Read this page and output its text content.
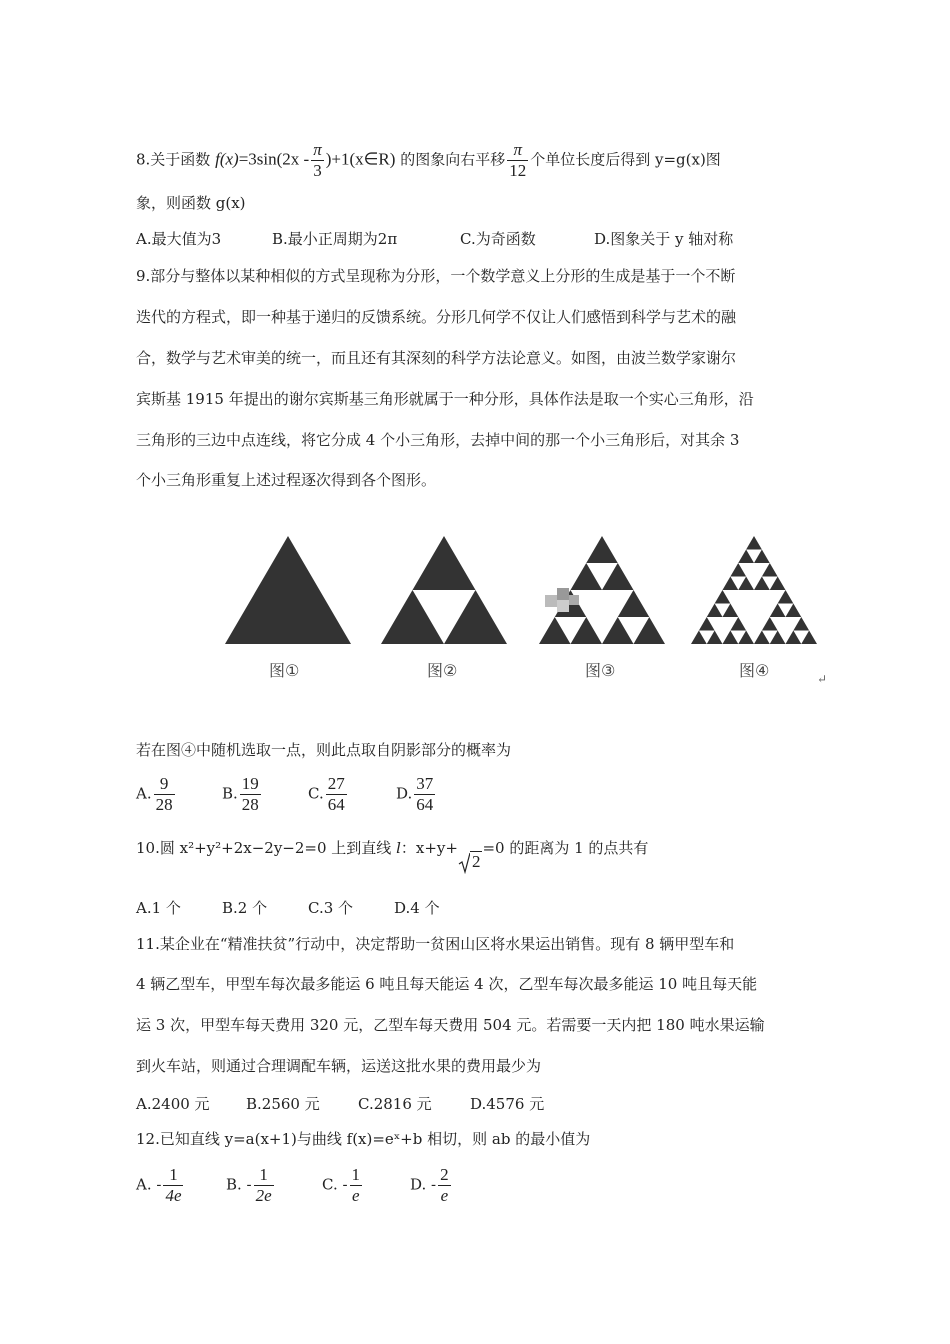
8.关于函数 $f(x)=3\sin(2x - \frac{\pi}{3}$ )+1(x∈R) 的图象向右平移 $\frac{\pi}{12}$ 个单位长度后得到 y=g(x)图
象，则函数 g(x)
A.最大值为3	B.最小正周期为2π	C.为奇函数	D.图象关于 y 轴对称
9.部分与整体以某种相似的方式呈现称为分形，一个数学意义上分形的生成是基于一个不断
迭代的方程式，即一种基于递归的反馈系统。分形几何学不仅让人们感悟到科学与艺术的融
合，数学与艺术审美的统一，而且还有其深刻的科学方法论意义。如图，由波兰数学家谢尔
宾斯基 1915 年提出的谢尔宾斯基三角形就属于一种分形，具体作法是取一个实心三角形，沿
三角形的三边中点连线，将它分成 4 个小三角形，去掉中间的那一个小三角形后，对其余 3
个小三角形重复上述过程逐次得到各个图形。
图①	图②	图③	图④	↵
若在图④中随机选取一点，则此点取自阴影部分的概率为
A. $\frac{9}{28}$	B. $\frac{19}{28}$	C. $\frac{27}{64}$	D. $\frac{37}{64}$
10.圆 x²+y²+2x−2y−2=0 上到直线 l：x+y+2=0 的距离为 1 的点共有
A.1 个	B.2 个	C.3 个	D.4 个
11.某企业在“精准扶贫”行动中，决定帮助一贫困山区将水果运出销售。现有 8 辆甲型车和
4 辆乙型车，甲型车每次最多能运 6 吨且每天能运 4 次，乙型车每次最多能运 10 吨且每天能
运 3 次，甲型车每天费用 320 元，乙型车每天费用 504 元。若需要一天内把 180 吨水果运输
到火车站，则通过合理调配车辆，运送这批水果的费用最少为
A.2400 元 B.2560 元	C.2816 元	D.4576 元
12.已知直线 y=a(x+1)与曲线 f(x)=eˣ+b 相切，则 ab 的最小值为
A. - $\frac{1}{4e}$	B. - $\frac{1}{2e}$	C. - $\frac{1}{e}$	D. - $\frac{2}{e}$
